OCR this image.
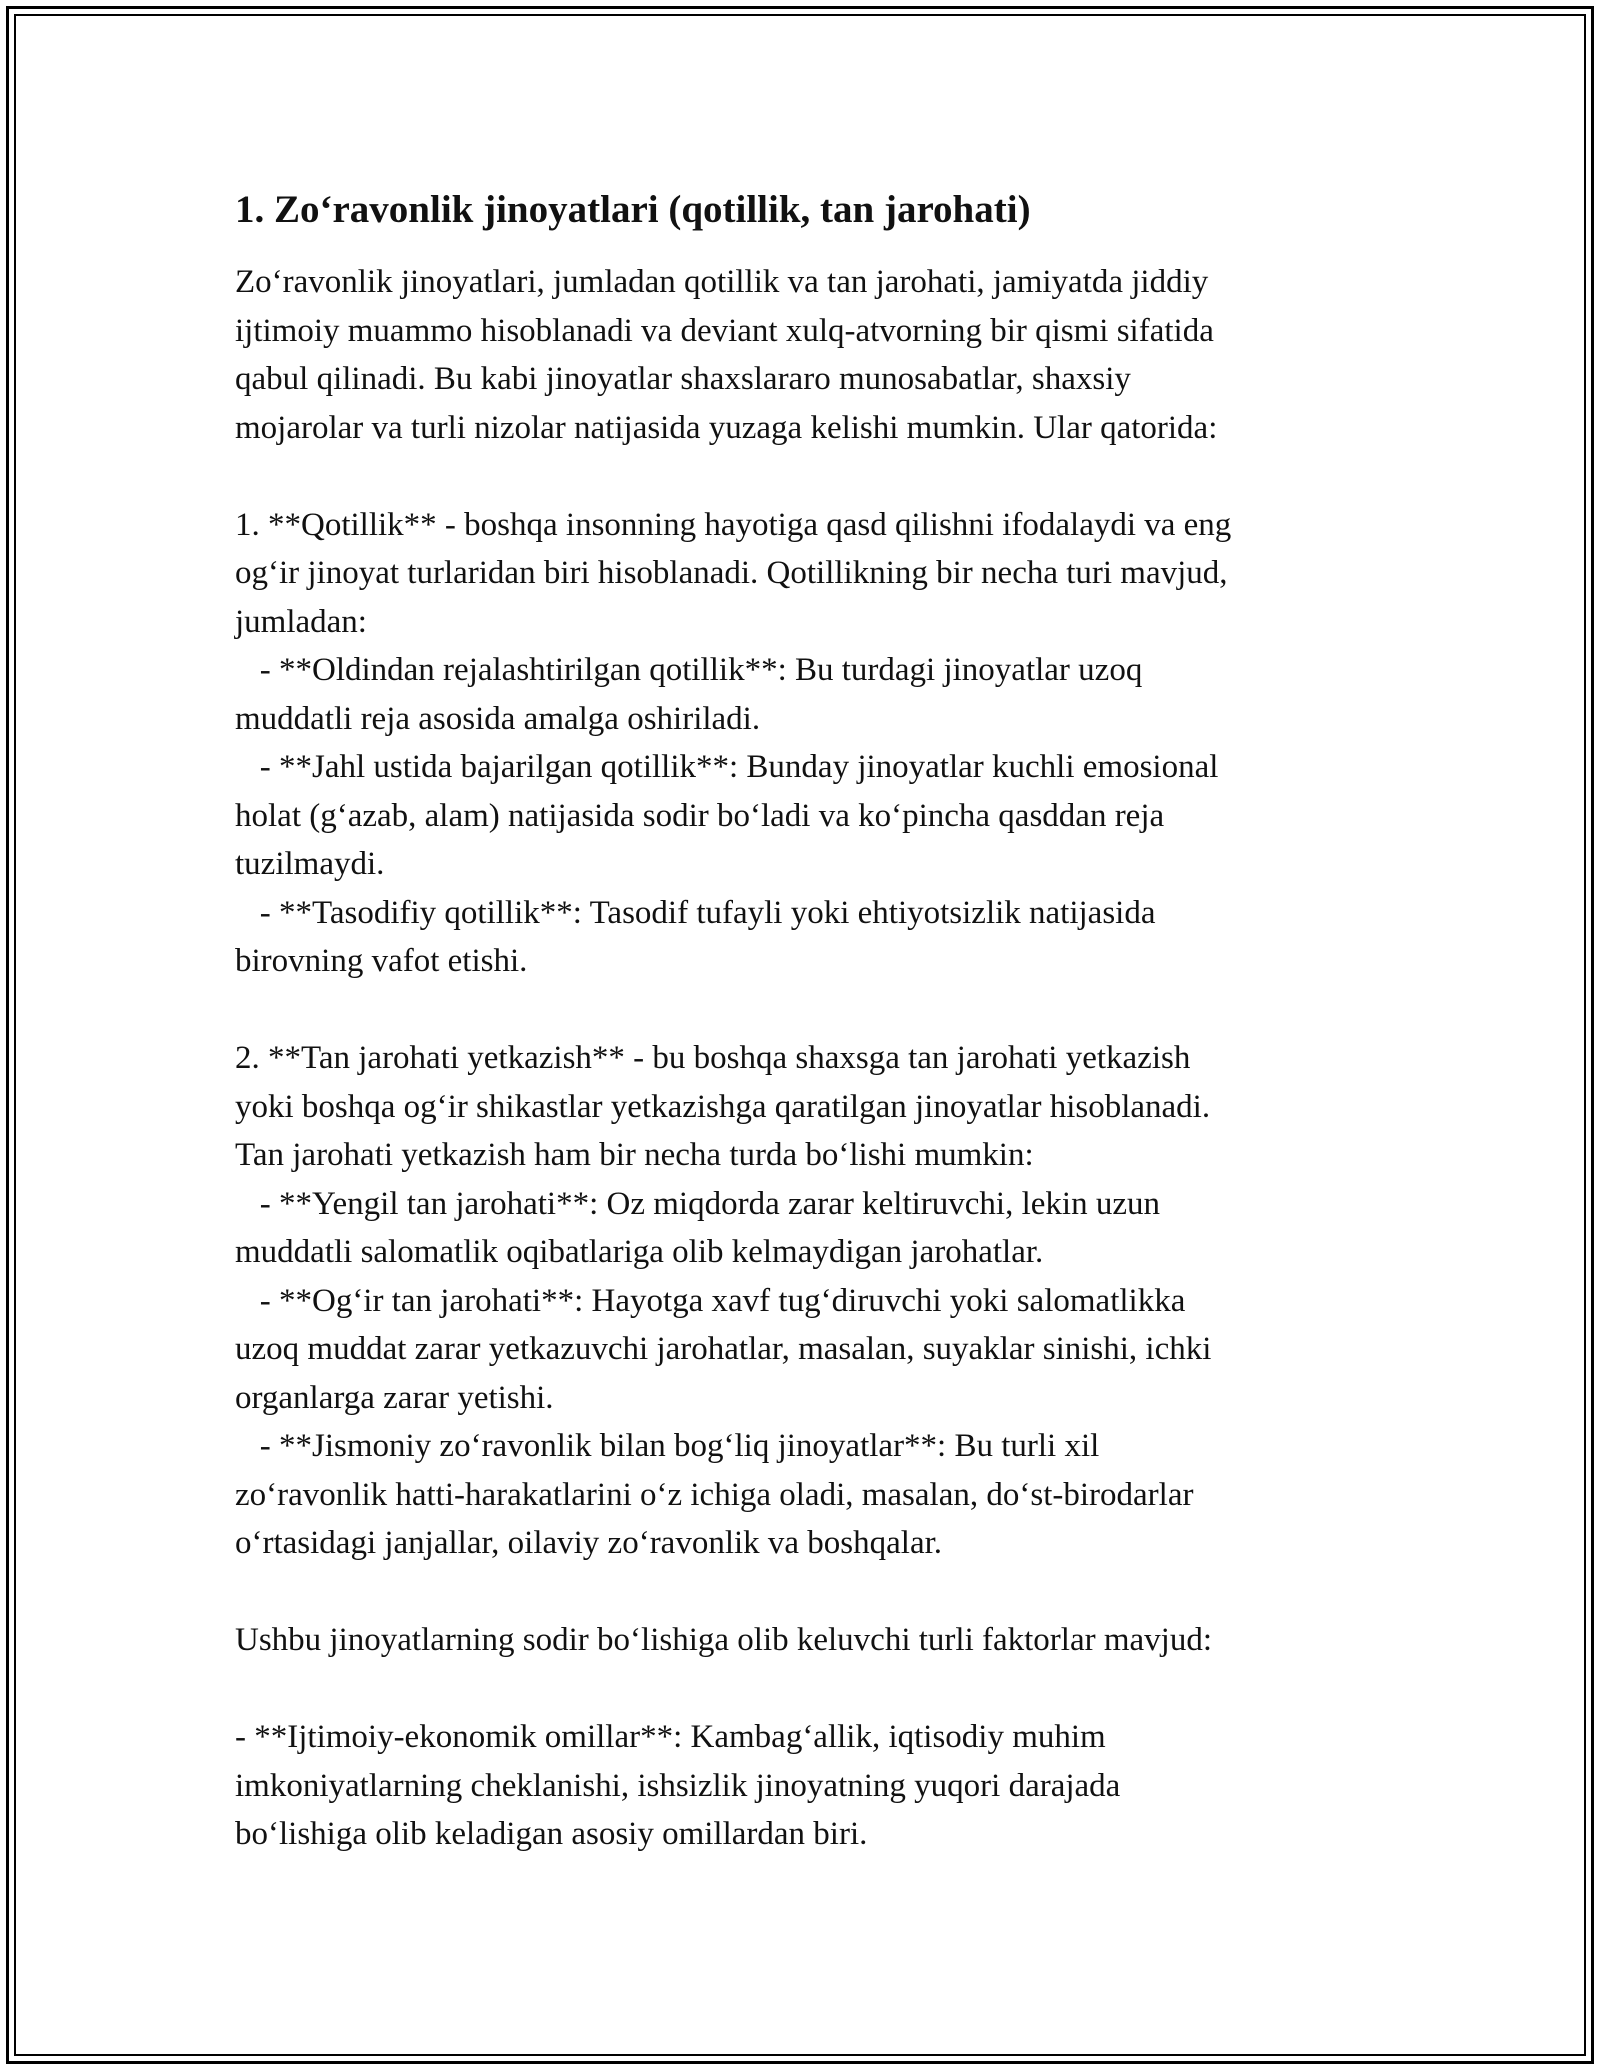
1. Zo‘ravonlik jinoyatlari (qotillik, tan jarohati)

Zo‘ravonlik jinoyatlari, jumladan qotillik va tan jarohati, jamiyatda jiddiy
ijtimoiy muammo hisoblanadi va deviant xulq-atvorning bir qismi sifatida
qabul qilinadi. Bu kabi jinoyatlar shaxslararo munosabatlar, shaxsiy
mojarolar va turli nizolar natijasida yuzaga kelishi mumkin. Ular qatorida:

1. **Qotillik** - boshqa insonning hayotiga qasd qilishni ifodalaydi va eng
og‘ir jinoyat turlaridan biri hisoblanadi. Qotillikning bir necha turi mavjud,
jumladan:
- **Oldindan rejalashtirilgan qotillik**: Bu turdagi jinoyatlar uzoq
muddatli reja asosida amalga oshiriladi.
- **Jahl ustida bajarilgan qotillik**: Bunday jinoyatlar kuchli emosional
holat (g‘azab, alam) natijasida sodir bo‘ladi va ko‘pincha qasddan reja
tuzilmaydi.
- **Tasodifiy qotillik**: Tasodif tufayli yoki ehtiyotsizlik natijasida
birovning vafot etishi.

2. **Tan jarohati yetkazish** - bu boshqa shaxsga tan jarohati yetkazish
yoki boshqa og‘ir shikastlar yetkazishga qaratilgan jinoyatlar hisoblanadi.
Tan jarohati yetkazish ham bir necha turda bo‘lishi mumkin:
- **Yengil tan jarohati**: Oz miqdorda zarar keltiruvchi, lekin uzun
muddatli salomatlik oqibatlariga olib kelmaydigan jarohatlar.
- **Og‘ir tan jarohati**: Hayotga xavf tug‘diruvchi yoki salomatlikka
uzoq muddat zarar yetkazuvchi jarohatlar, masalan, suyaklar sinishi, ichki
organlarga zarar yetishi.
- **Jismoniy zo‘ravonlik bilan bog‘liq jinoyatlar**: Bu turli xil
zo‘ravonlik hatti-harakatlarini o‘z ichiga oladi, masalan, do‘st-birodarlar
o‘rtasidagi janjallar, oilaviy zo‘ravonlik va boshqalar.

Ushbu jinoyatlarning sodir bo‘lishiga olib keluvchi turli faktorlar mavjud:

- **Ijtimoiy-ekonomik omillar**: Kambag‘allik, iqtisodiy muhim
imkoniyatlarning cheklanishi, ishsizlik jinoyatning yuqori darajada
bo‘lishiga olib keladigan asosiy omillardan biri.
